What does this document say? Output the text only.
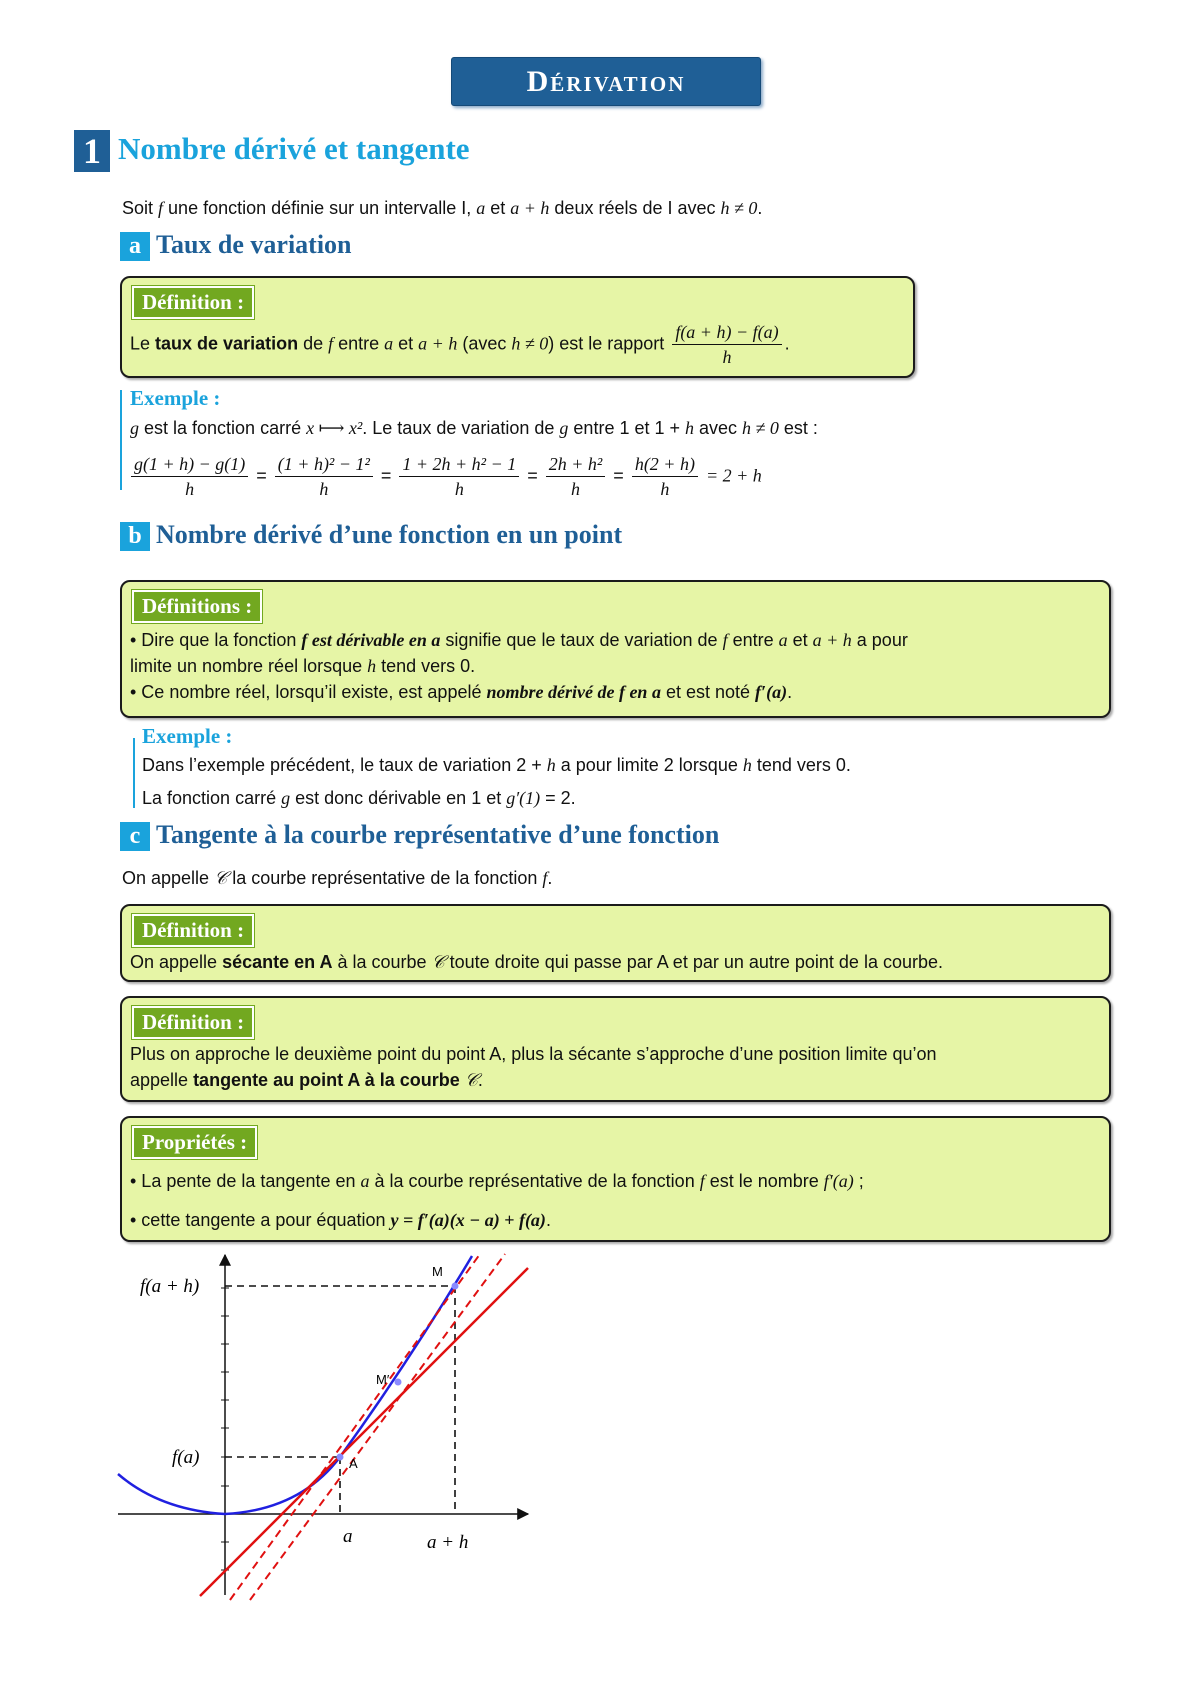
Dérivation
1 Nombre dérivé et tangente
Soit f une fonction définie sur un intervalle I, a et a + h deux réels de I avec h ≠ 0.
a Taux de variation
Définition :
Le taux de variation de f entre a et a + h (avec h ≠ 0) est le rapport $\frac{f(a + h) - f(a)}{h}$ .
Exemple :
g est la fonction carré x ⟼ x². Le taux de variation de g entre 1 et 1 + h avec h ≠ 0 est :
$\frac{g(1 + h) - g(1)}{h} = \frac{\text{(1 + h)² − 1²}}{h} = \frac{\text{1 + 2h + h² − 1}}{h} = \frac{\text{2h + h²}}{h} = \frac{h(2 + h)}{h} = 2 + h$
b Nombre dérivé d’une fonction en un point
Définitions :
• Dire que la fonction f est dérivable en a signifie que le taux de variation de f entre a et a + h a pour
limite un nombre réel lorsque h tend vers 0.
• Ce nombre réel, lorsqu’il existe, est appelé nombre dérivé de f en a et est noté f′(a).
Exemple :
Dans l’exemple précédent, le taux de variation 2 + h a pour limite 2 lorsque h tend vers 0.
La fonction carré g est donc dérivable en 1 et g′(1) = 2.
c Tangente à la courbe représentative d’une fonction
On appelle 𝒞 la courbe représentative de la fonction f.
Définition :
On appelle sécante en A à la courbe 𝒞 toute droite qui passe par A et par un autre point de la courbe.
Définition :
Plus on approche le deuxième point du point A, plus la sécante s’approche d’une position limite qu’on
appelle tangente au point A à la courbe 𝒞.
Propriétés :
• La pente de la tangente en a à la courbe représentative de la fonction f est le nombre f′(a) ;
• cette tangente a pour équation y = f′(a)(x − a) + f(a).
f(a + h)
f(a)
a	a + h
A
M
M′
